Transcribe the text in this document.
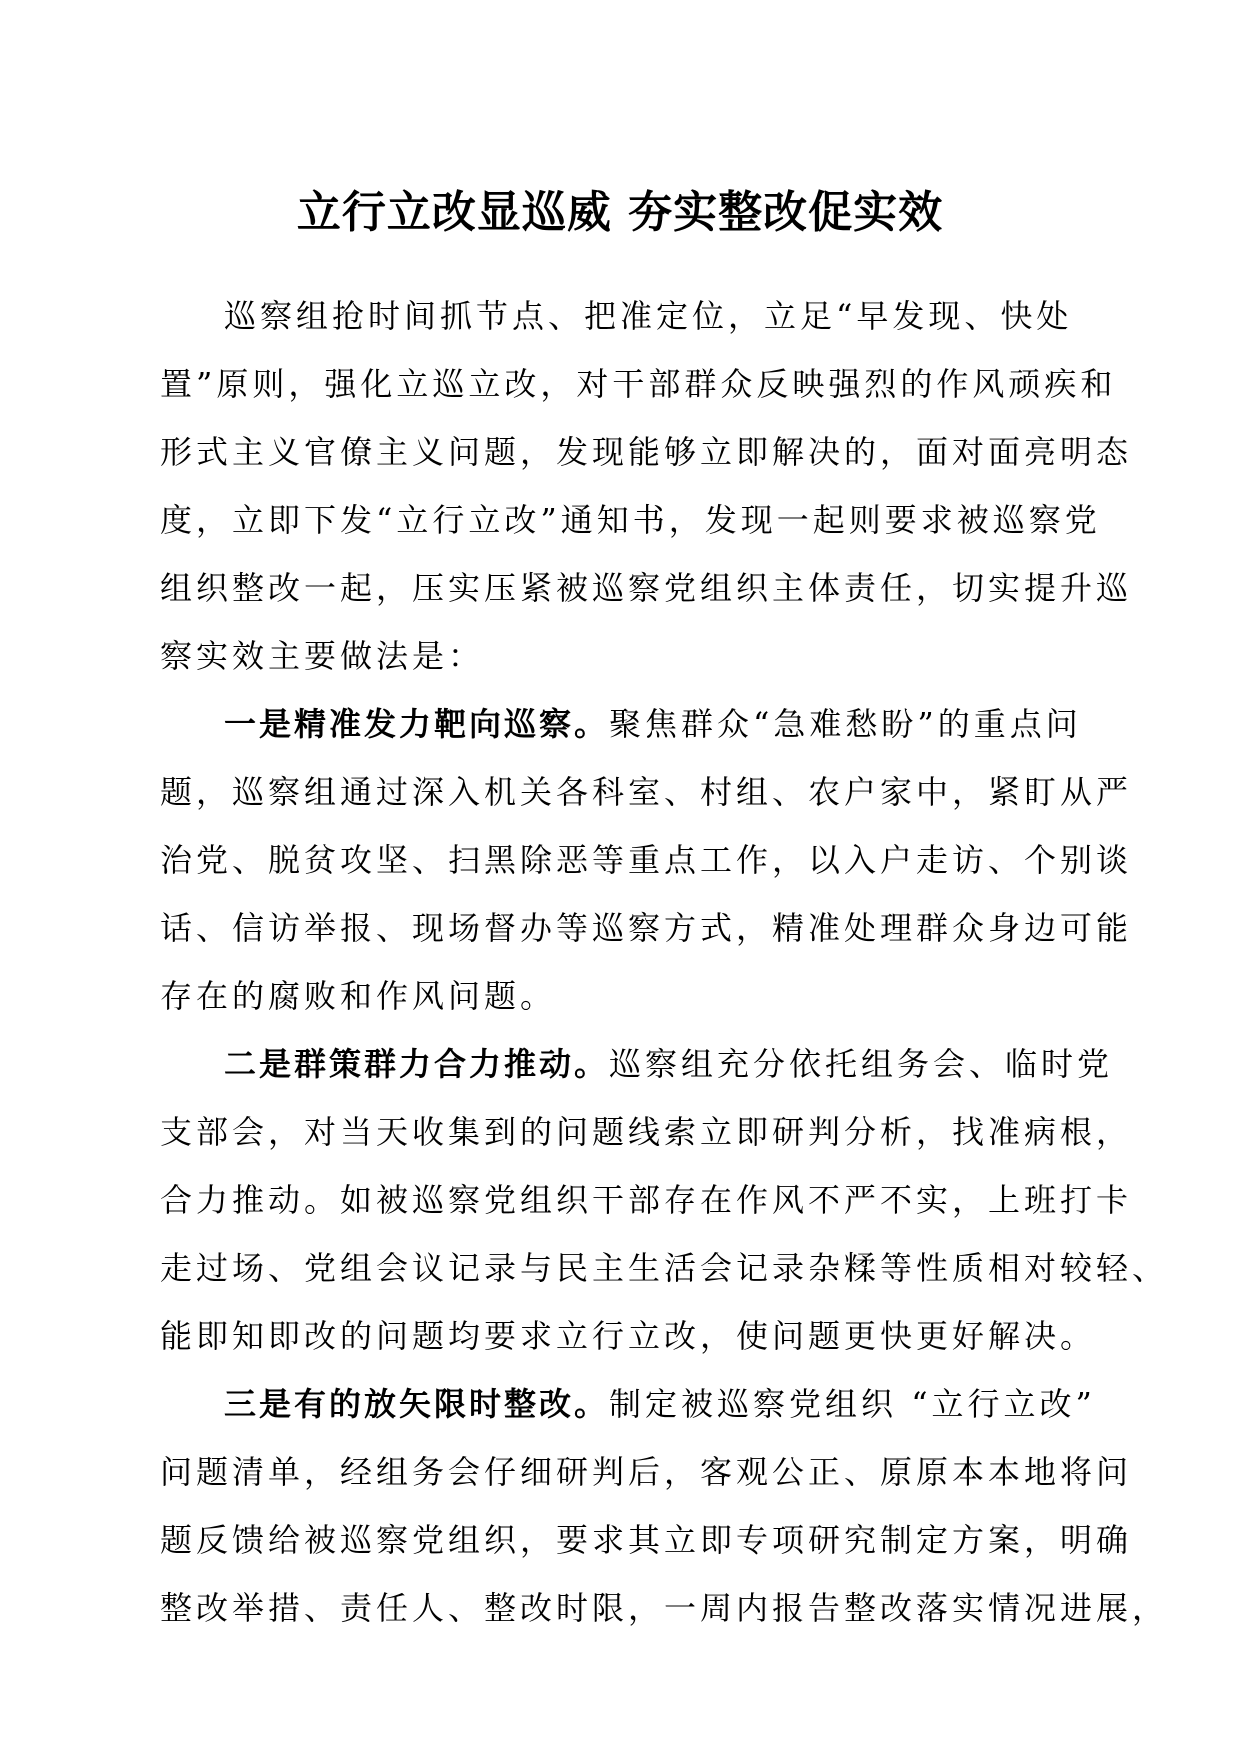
立行立改显巡威 夯实整改促实效
巡察组抢时间抓节点、把准定位，立足“早发现、快处
置”原则，强化立巡立改，对干部群众反映强烈的作风顽疾和
形式主义官僚主义问题，发现能够立即解决的，面对面亮明态
度，立即下发“立行立改”通知书，发现一起则要求被巡察党
组织整改一起，压实压紧被巡察党组织主体责任，切实提升巡
察实效主要做法是：
一是精准发力靶向巡察。聚焦群众“急难愁盼”的重点问
题，巡察组通过深入机关各科室、村组、农户家中，紧盯从严
治党、脱贫攻坚、扫黑除恶等重点工作，以入户走访、个别谈
话、信访举报、现场督办等巡察方式，精准处理群众身边可能
存在的腐败和作风问题。
二是群策群力合力推动。巡察组充分依托组务会、临时党
支部会，对当天收集到的问题线索立即研判分析，找准病根，
合力推动。如被巡察党组织干部存在作风不严不实，上班打卡
走过场、党组会议记录与民主生活会记录杂糅等性质相对较轻、
能即知即改的问题均要求立行立改，使问题更快更好解决。
三是有的放矢限时整改。制定被巡察党组织 “立行立改”
问题清单，经组务会仔细研判后，客观公正、原原本本地将问
题反馈给被巡察党组织，要求其立即专项研究制定方案，明确
整改举措、责任人、整改时限，一周内报告整改落实情况进展，
